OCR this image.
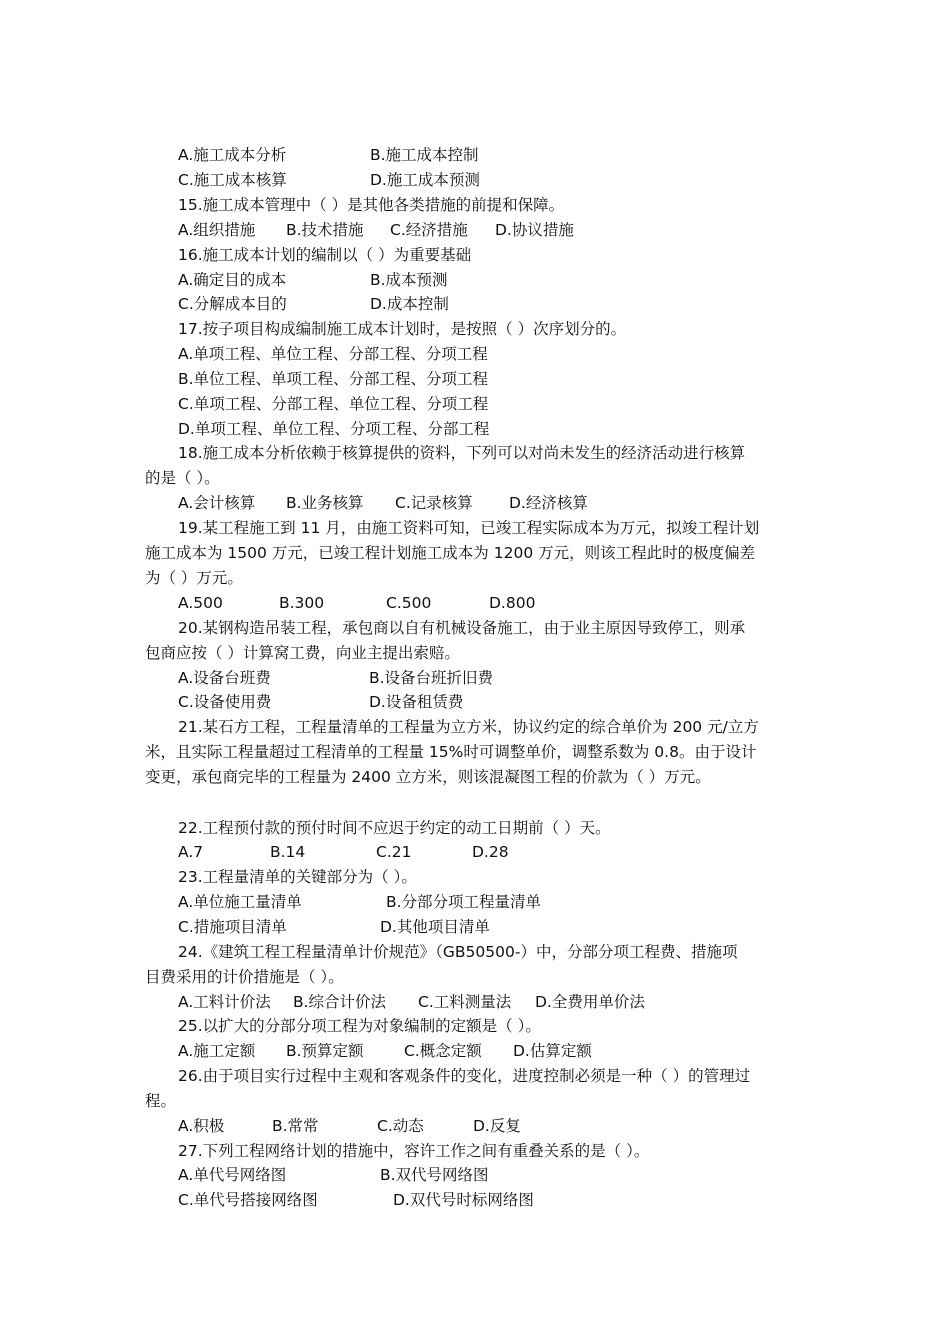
A.施工成本分析	B.施工成本控制
C.施工成本核算	D.施工成本预测
15.施工成本管理中（ ）是其他各类措施的前提和保障。
A.组织措施 B.技术措施 C.经济措施 D.协议措施
16.施工成本计划的编制以（ ）为重要基础
A.确定目的成本	B.成本预测
C.分解成本目的	D.成本控制
17.按子项目构成编制施工成本计划时，是按照（ ）次序划分的。
A.单项工程、单位工程、分部工程、分项工程
B.单位工程、单项工程、分部工程、分项工程
C.单项工程、分部工程、单位工程、分项工程
D.单项工程、单位工程、分项工程、分部工程
18.施工成本分析依赖于核算提供的资料，下列可以对尚未发生的经济活动进行核算
的是（ ）。
A.会计核算 B.业务核算 C.记录核算 D.经济核算
19.某工程施工到 11 月，由施工资料可知，已竣工程实际成本为万元，拟竣工程计划
施工成本为 1500 万元，已竣工程计划施工成本为 1200 万元，则该工程此时的极度偏差
为（ ）万元。
A.500	B.300	C.500	D.800
20.某钢构造吊装工程，承包商以自有机械设备施工，由于业主原因导致停工，则承
包商应按（ ）计算窝工费，向业主提出索赔。
A.设备台班费	B.设备台班折旧费
C.设备使用费	D.设备租赁费
21.某石方工程，工程量清单的工程量为立方米，协议约定的综合单价为 200 元/立方
米，且实际工程量超过工程清单的工程量 15%时可调整单价，调整系数为 0.8。由于设计
变更，承包商完毕的工程量为 2400 立方米，则该混凝图工程的价款为（ ）万元。
22.工程预付款的预付时间不应迟于约定的动工日期前（ ）天。
A.7	B.14	C.21	D.28
23.工程量清单的关键部分为（ ）。
A.单位施工量清单	B.分部分项工程量清单
C.措施项目清单	D.其他项目清单
24.《建筑工程工程量清单计价规范》（GB50500-）中，分部分项工程费、措施项
目费采用的计价措施是（ ）。
A.工料计价法 B.综合计价法 C.工料测量法 D.全费用单价法
25.以扩大的分部分项工程为对象编制的定额是（ ）。
A.施工定额 B.预算定额	C.概念定额 D.估算定额
26.由于项目实行过程中主观和客观条件的变化，进度控制必须是一种（ ）的管理过
程。
A.积极	B.常常	C.动态	D.反复
27.下列工程网络计划的措施中，容许工作之间有重叠关系的是（ ）。
A.单代号网络图	B.双代号网络图
C.单代号搭接网络图	D.双代号时标网络图
